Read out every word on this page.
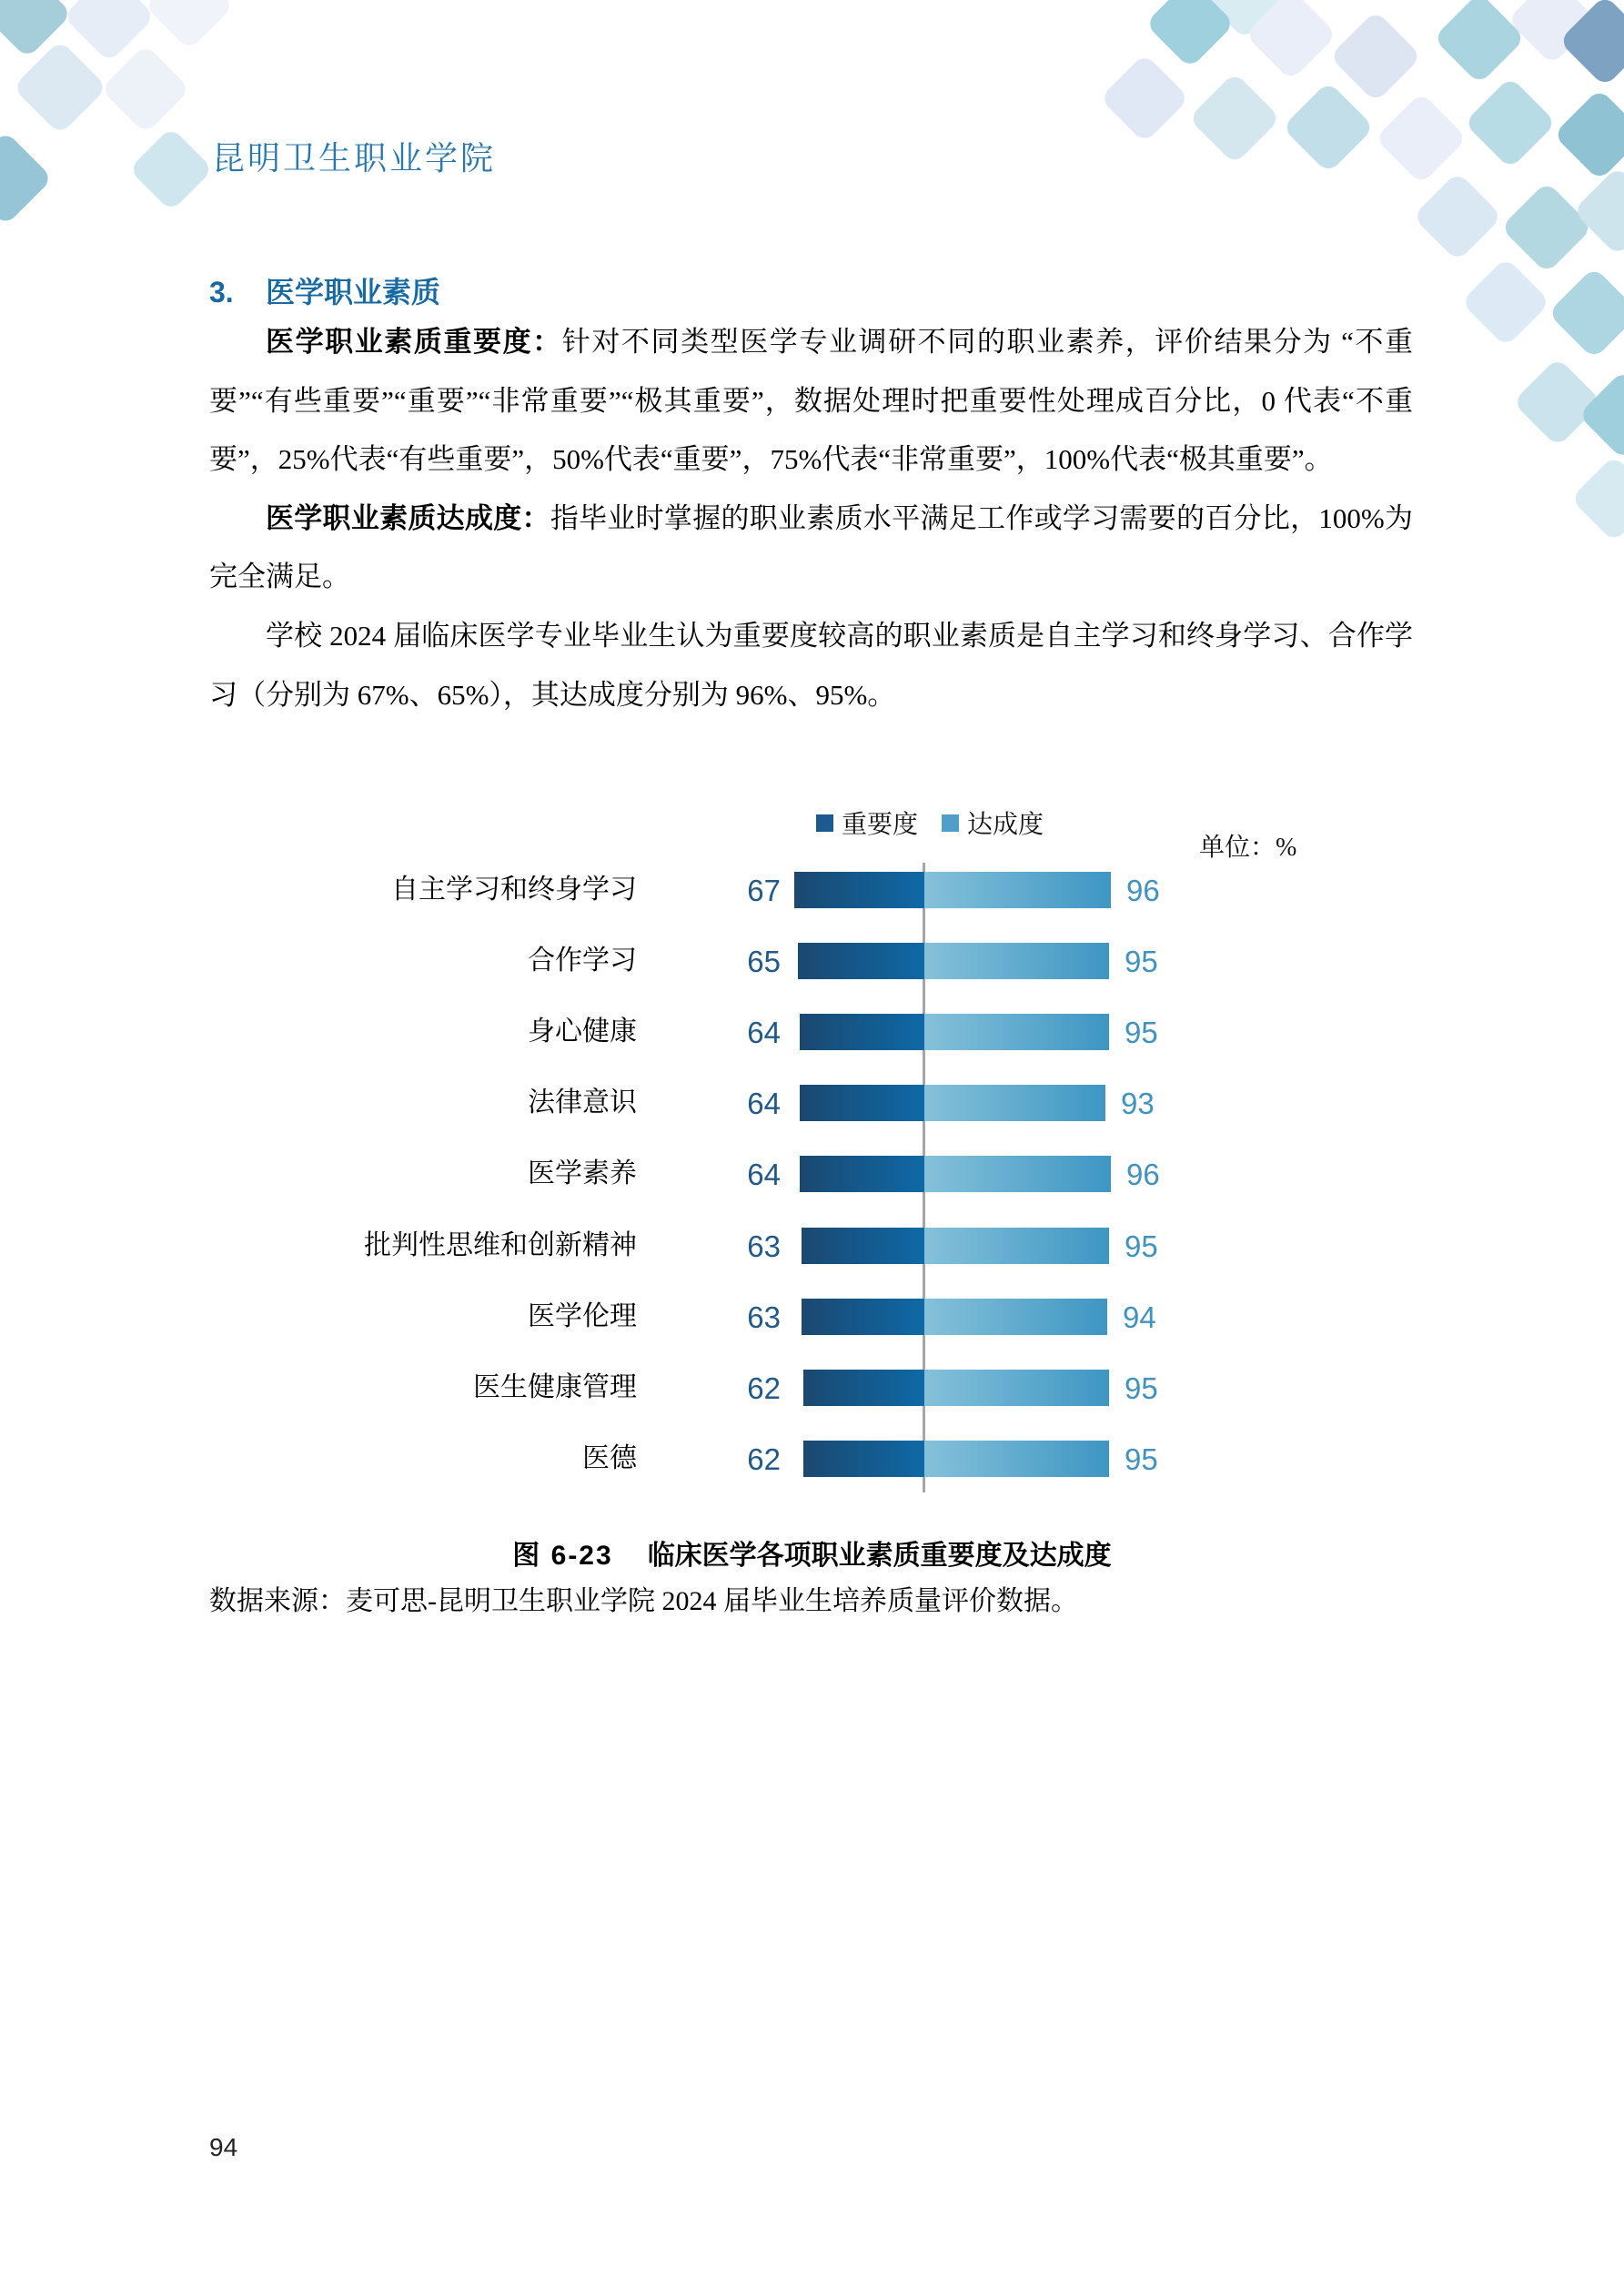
昆明卫生职业学院
3. 医学职业素质

医学职业素质重要度：针对不同类型医学专业调研不同的职业素养，评价结果分为 “不重要”“有些重要”“重要”“非常重要”“极其重要”，数据处理时把重要性处理成百分比，0 代表“不重要”，25%代表“有些重要”，50%代表“重要”，75%代表“非常重要”，100%代表“极其重要”。

医学职业素质达成度：指毕业时掌握的职业素质水平满足工作或学习需要的百分比，100%为完全满足。

学校 2024 届临床医学专业毕业生认为重要度较高的职业素质是自主学习和终身学习、合作学习（分别为 67%、65%），其达成度分别为 96%、95%。

重要度 达成度
单位：%
自主学习和终身学习	67	96
合作学习	65	95
身心健康	64	95
法律意识	64	93
医学素养	64	96
批判性思维和创新精神	63	95
医学伦理	63	94
医生健康管理	62	95
医德	62	95
图 6-23 临床医学各项职业素质重要度及达成度
数据来源：麦可思-昆明卫生职业学院 2024 届毕业生培养质量评价数据。
94
